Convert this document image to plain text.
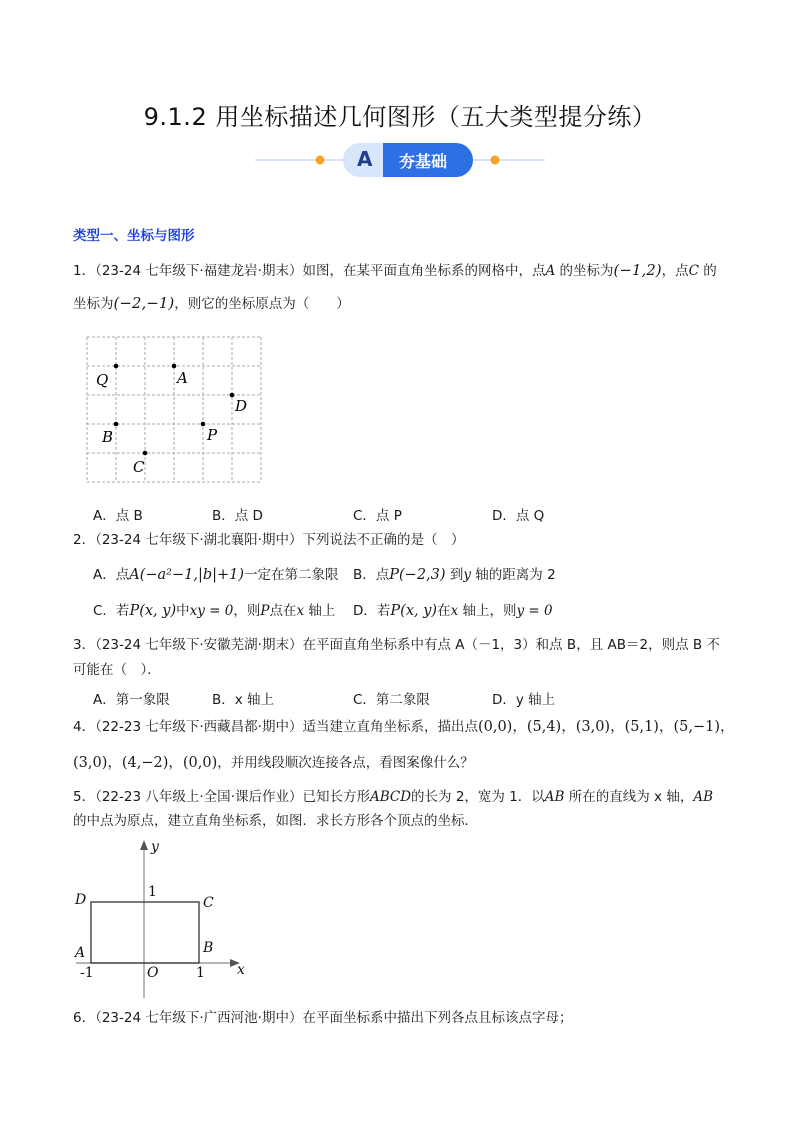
9.1.2 用坐标描述几何图形（五大类型提分练）
A 夯基础
类型一、坐标与图形
1．（23-24 七年级下·福建龙岩·期末）如图，在某平面直角坐标系的网格中，点A 的坐标为(−1,2)，点C 的
坐标为(−2,−1)，则它的坐标原点为（　　）
Q	A
D
B	P
C
A．点 B	B．点 D	C．点 P	D．点 Q
2．（23-24 七年级下·湖北襄阳·期中）下列说法不正确的是（　）
A．点A(−a²−1,|b|+1)一定在第二象限 B．点P(−2,3) 到y 轴的距离为 2
C．若P(x, y)中xy = 0，则P点在x 轴上 D．若P(x, y)在x 轴上，则y = 0
3．（23-24 七年级下·安徽芜湖·期末）在平面直角坐标系中有点 A（－1，3）和点 B，且 AB＝2，则点 B 不
可能在（　）．
A．第一象限	B．x 轴上	C．第二象限	D．y 轴上
4．（22-23 七年级下·西藏昌都·期中）适当建立直角坐标系，描出点(0,0)，(5,4)，(3,0)，(5,1)，(5,−1)，
(3,0)，(4,−2)，(0,0)，并用线段顺次连接各点，看图案像什么？
5．（22-23 八年级上·全国·课后作业）已知长方形ABCD的长为 2，宽为 1．以AB 所在的直线为 x 轴，AB
的中点为原点，建立直角坐标系，如图．求长方形各个顶点的坐标．
y
x
D	C
A	B
O
1
-1	1
6．（23-24 七年级下·广西河池·期中）在平面坐标系中描出下列各点且标该点字母；
